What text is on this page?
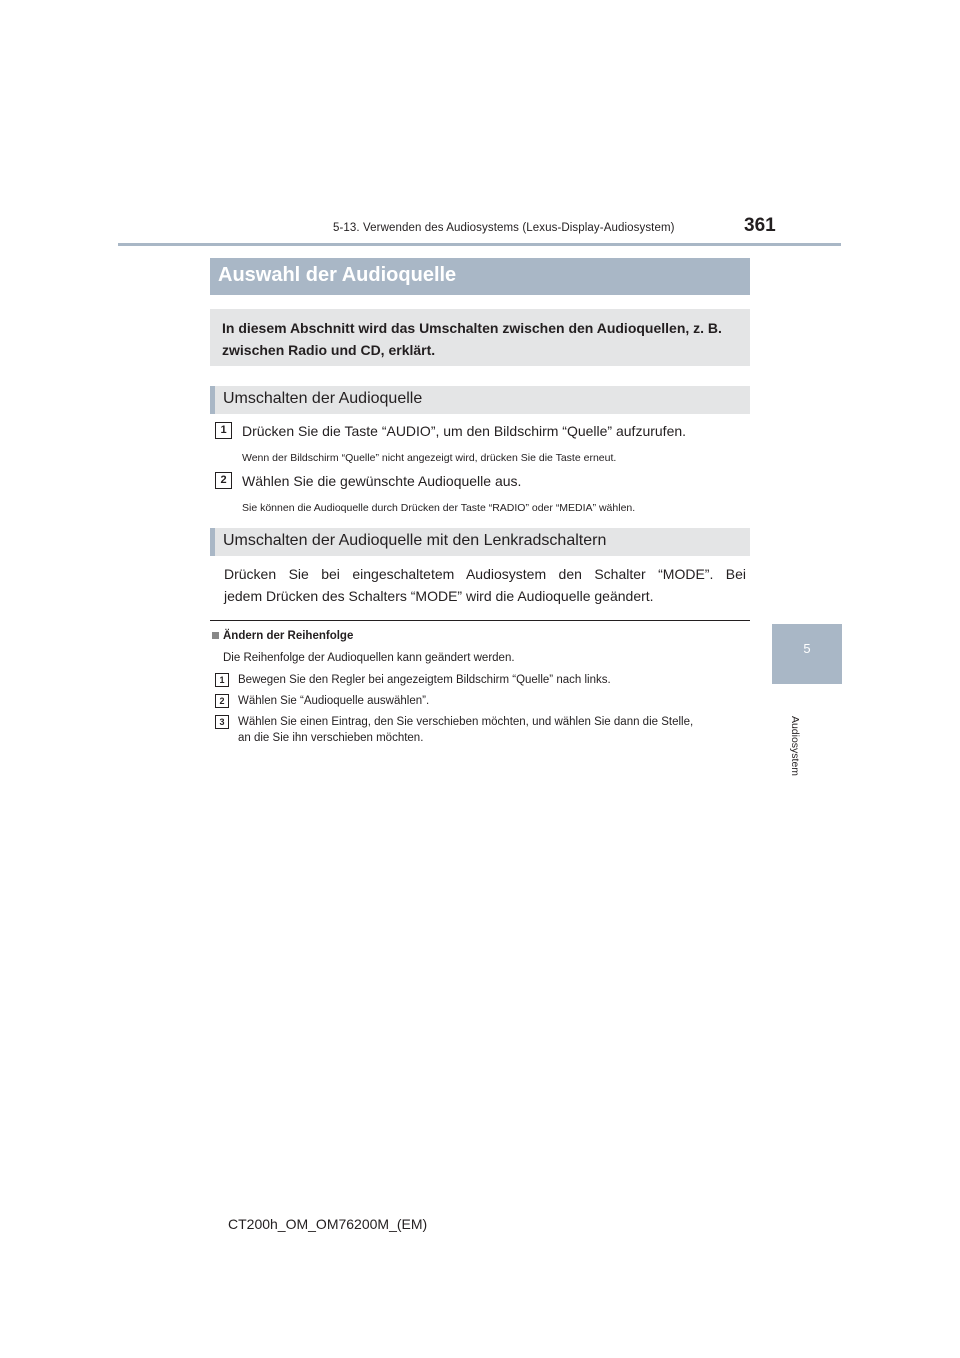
5-13. Verwenden des Audiosystems (Lexus-Display-Audiosystem)	361
5
Audiosystem
Auswahl der Audioquelle
In diesem Abschnitt wird das Umschalten zwischen den Audioquellen, z. B. zwischen Radio und CD, erklärt.
Umschalten der Audioquelle
1	Drücken Sie die Taste “AUDIO”, um den Bildschirm “Quelle” aufzurufen.
Wenn der Bildschirm “Quelle” nicht angezeigt wird, drücken Sie die Taste erneut.
2	Wählen Sie die gewünschte Audioquelle aus.
Sie können die Audioquelle durch Drücken der Taste “RADIO” oder “MEDIA” wählen.
Umschalten der Audioquelle mit den Lenkradschaltern
Drücken Sie bei eingeschaltetem Audiosystem den Schalter “MODE”. Bei
jedem Drücken des Schalters “MODE” wird die Audioquelle geändert.
Ändern der Reihenfolge
Die Reihenfolge der Audioquellen kann geändert werden.
1	Bewegen Sie den Regler bei angezeigtem Bildschirm “Quelle” nach links.
2	Wählen Sie “Audioquelle auswählen”.
3	Wählen Sie einen Eintrag, den Sie verschieben möchten, und wählen Sie dann die Stelle,
an die Sie ihn verschieben möchten.
CT200h_OM_OM76200M_(EM)
